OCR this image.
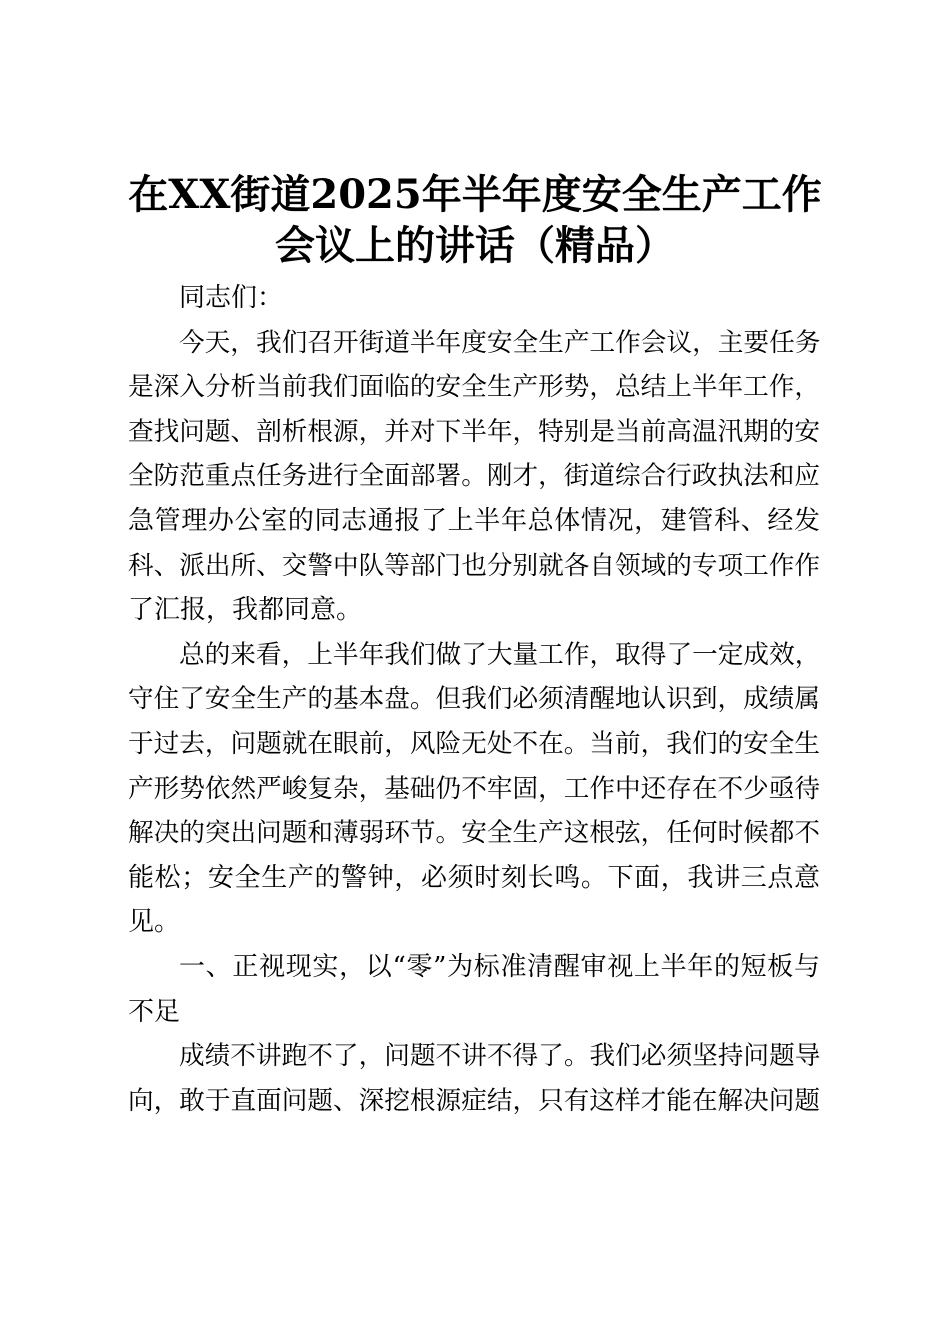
在XX街道2025年半年度安全生产工作
会议上的讲话（精品）
同志们：
今天，我们召开街道半年度安全生产工作会议，主要任务
是深入分析当前我们面临的安全生产形势，总结上半年工作，
查找问题、剖析根源，并对下半年，特别是当前高温汛期的安
全防范重点任务进行全面部署。刚才，街道综合行政执法和应
急管理办公室的同志通报了上半年总体情况，建管科、经发
科、派出所、交警中队等部门也分别就各自领域的专项工作作
了汇报，我都同意。
总的来看，上半年我们做了大量工作，取得了一定成效，
守住了安全生产的基本盘。但我们必须清醒地认识到，成绩属
于过去，问题就在眼前，风险无处不在。当前，我们的安全生
产形势依然严峻复杂，基础仍不牢固，工作中还存在不少亟待
解决的突出问题和薄弱环节。安全生产这根弦，任何时候都不
能松；安全生产的警钟，必须时刻长鸣。下面，我讲三点意
见。
一、正视现实，以“零”为标准清醒审视上半年的短板与
不足
成绩不讲跑不了，问题不讲不得了。我们必须坚持问题导
向，敢于直面问题、深挖根源症结，只有这样才能在解决问题
